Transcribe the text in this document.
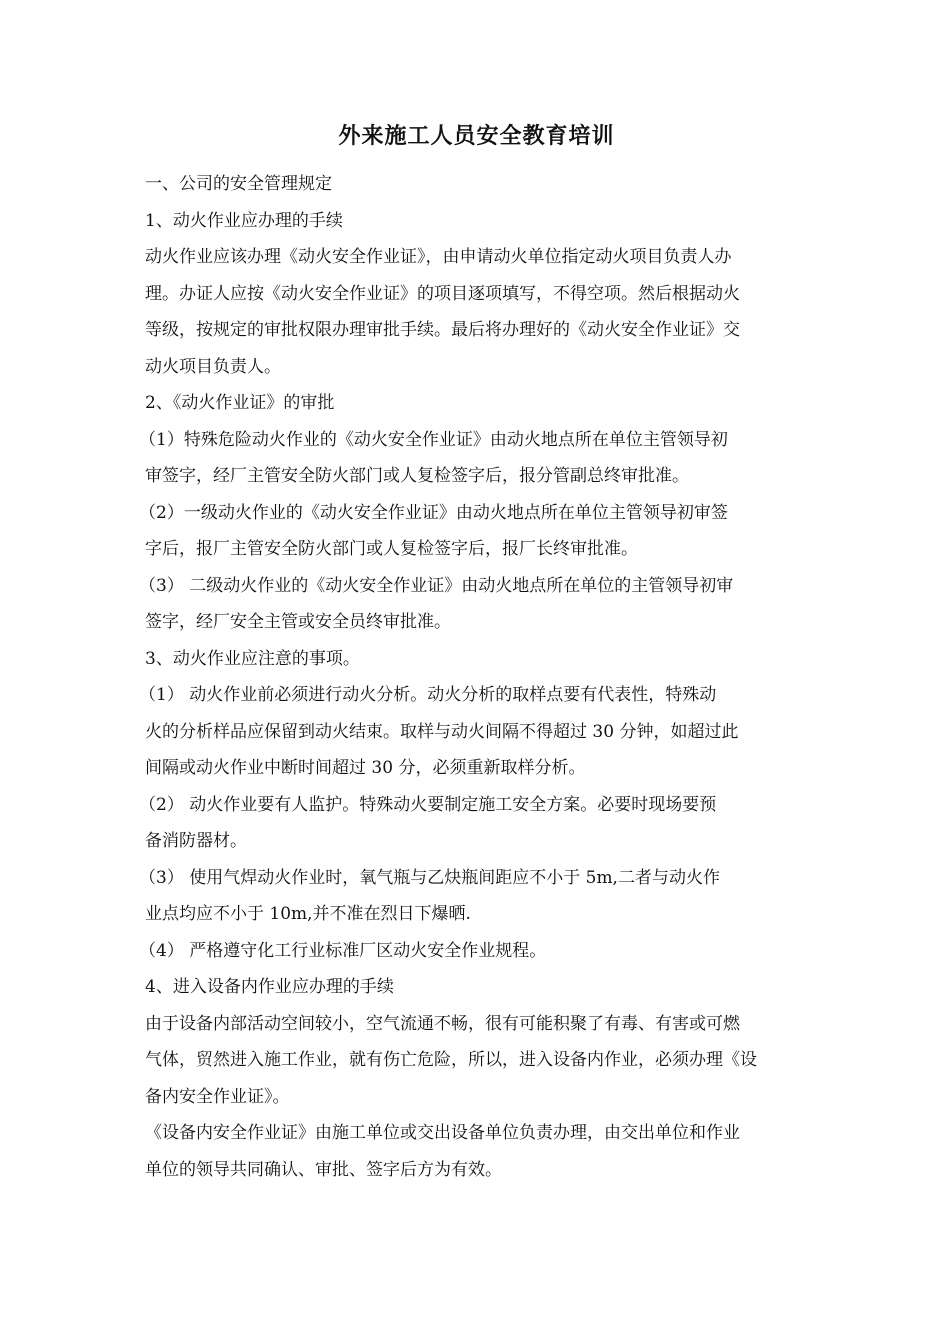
外来施工人员安全教育培训

一、公司的安全管理规定

1、动火作业应办理的手续

动火作业应该办理《动火安全作业证》，由申请动火单位指定动火项目负责人办

理。办证人应按《动火安全作业证》的项目逐项填写，不得空项。然后根据动火

等级，按规定的审批权限办理审批手续。最后将办理好的《动火安全作业证》交

动火项目负责人。

2、《动火作业证》的审批

（1）特殊危险动火作业的《动火安全作业证》由动火地点所在单位主管领导初

审签字，经厂主管安全防火部门或人复检签字后，报分管副总终审批准。

（2）一级动火作业的《动火安全作业证》由动火地点所在单位主管领导初审签

字后，报厂主管安全防火部门或人复检签字后，报厂长终审批准。

（3） 二级动火作业的《动火安全作业证》由动火地点所在单位的主管领导初审

签字，经厂安全主管或安全员终审批准。

3、动火作业应注意的事项。

（1） 动火作业前必须进行动火分析。动火分析的取样点要有代表性，特殊动

火的分析样品应保留到动火结束。取样与动火间隔不得超过 30 分钟，如超过此

间隔或动火作业中断时间超过 30 分，必须重新取样分析。

（2） 动火作业要有人监护。特殊动火要制定施工安全方案。必要时现场要预

备消防器材。

（3） 使用气焊动火作业时，氧气瓶与乙炔瓶间距应不小于 5m,二者与动火作

业点均应不小于 10m,并不准在烈日下爆晒.

（4） 严格遵守化工行业标准厂区动火安全作业规程。

4、进入设备内作业应办理的手续

由于设备内部活动空间较小，空气流通不畅，很有可能积聚了有毒、有害或可燃

气体，贸然进入施工作业，就有伤亡危险，所以，进入设备内作业，必须办理《设

备内安全作业证》。

《设备内安全作业证》由施工单位或交出设备单位负责办理，由交出单位和作业

单位的领导共同确认、审批、签字后方为有效。
